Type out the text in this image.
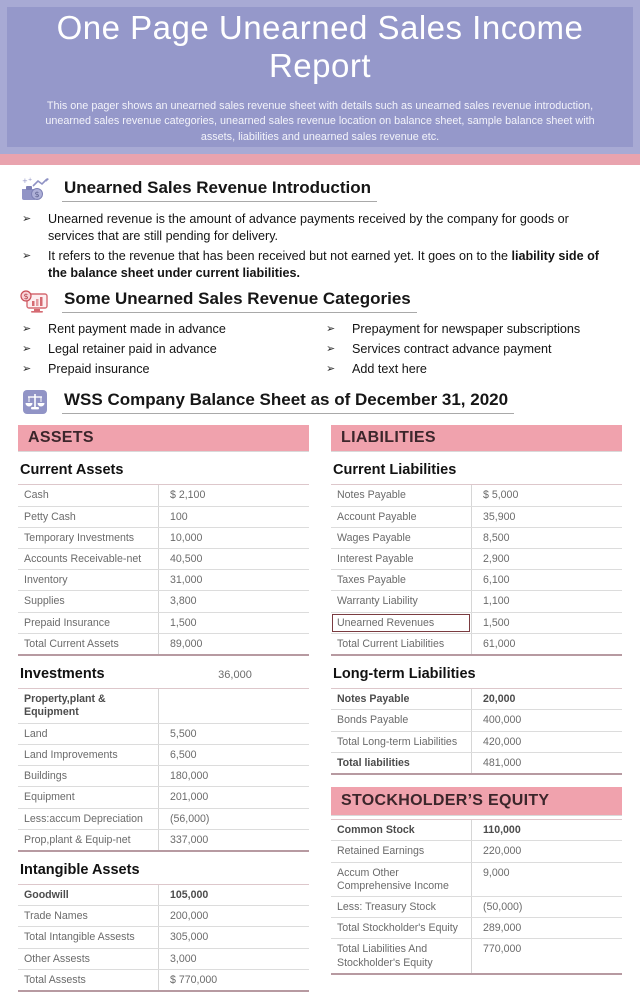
One Page Unearned Sales Income Report

This one pager shows an unearned sales revenue sheet with details such as unearned sales revenue introduction, unearned sales revenue categories, unearned sales revenue location on balance sheet, sample balance sheet with assets, liabilities and unearned sales revenue etc.

$
+ + Unearned Sales Revenue Introduction
➢	Unearned revenue is the amount of advance payments received by the company for goods or services that are still pending for delivery.
➢	It refers to the revenue that has been received but not earned yet. It goes on to the liability side of the balance sheet under current liabilities.
$ Some Unearned Sales Revenue Categories
➢	Rent payment made in advance
➢	Legal retainer paid in advance
➢	Prepaid insurance
➢	Prepayment for newspaper subscriptions
➢	Services contract advance payment
➢	Add text here
WSS Company Balance Sheet as of December 31, 2020
ASSETS
Current Assets
Cash	$ 2,100
Petty Cash	100
Temporary Investments	10,000
Accounts Receivable-net	40,500
Inventory	31,000
Supplies	3,800
Prepaid Insurance	1,500
Total Current Assets	89,000
Investments	36,000
Property,plant & Equipment
Land	5,500
Land Improvements	6,500
Buildings	180,000
Equipment	201,000
Less:accum Depreciation	(56,000)
Prop,plant & Equip-net	337,000
Intangible Assets
Goodwill	105,000
Trade Names	200,000
Total Intangible Assests	305,000
Other Assests	3,000
Total Assests	$ 770,000
LIABILITIES
Current Liabilities
Notes Payable	$ 5,000
Account Payable	35,900
Wages Payable	8,500
Interest Payable	2,900
Taxes Payable	6,100
Warranty Liability	1,100
Unearned Revenues	1,500
Total Current Liabilities	61,000
Long-term Liabilities
Notes Payable	20,000
Bonds Payable	400,000
Total Long-term Liabilities	420,000
Total liabilities	481,000
STOCKHOLDER’S EQUITY
Common Stock	110,000
Retained Earnings	220,000
Accum Other Comprehensive Income
9,000
Less: Treasury Stock	(50,000)
Total Stockholder's Equity	289,000
Total Liabilities And Stockholder's Equity
770,000
